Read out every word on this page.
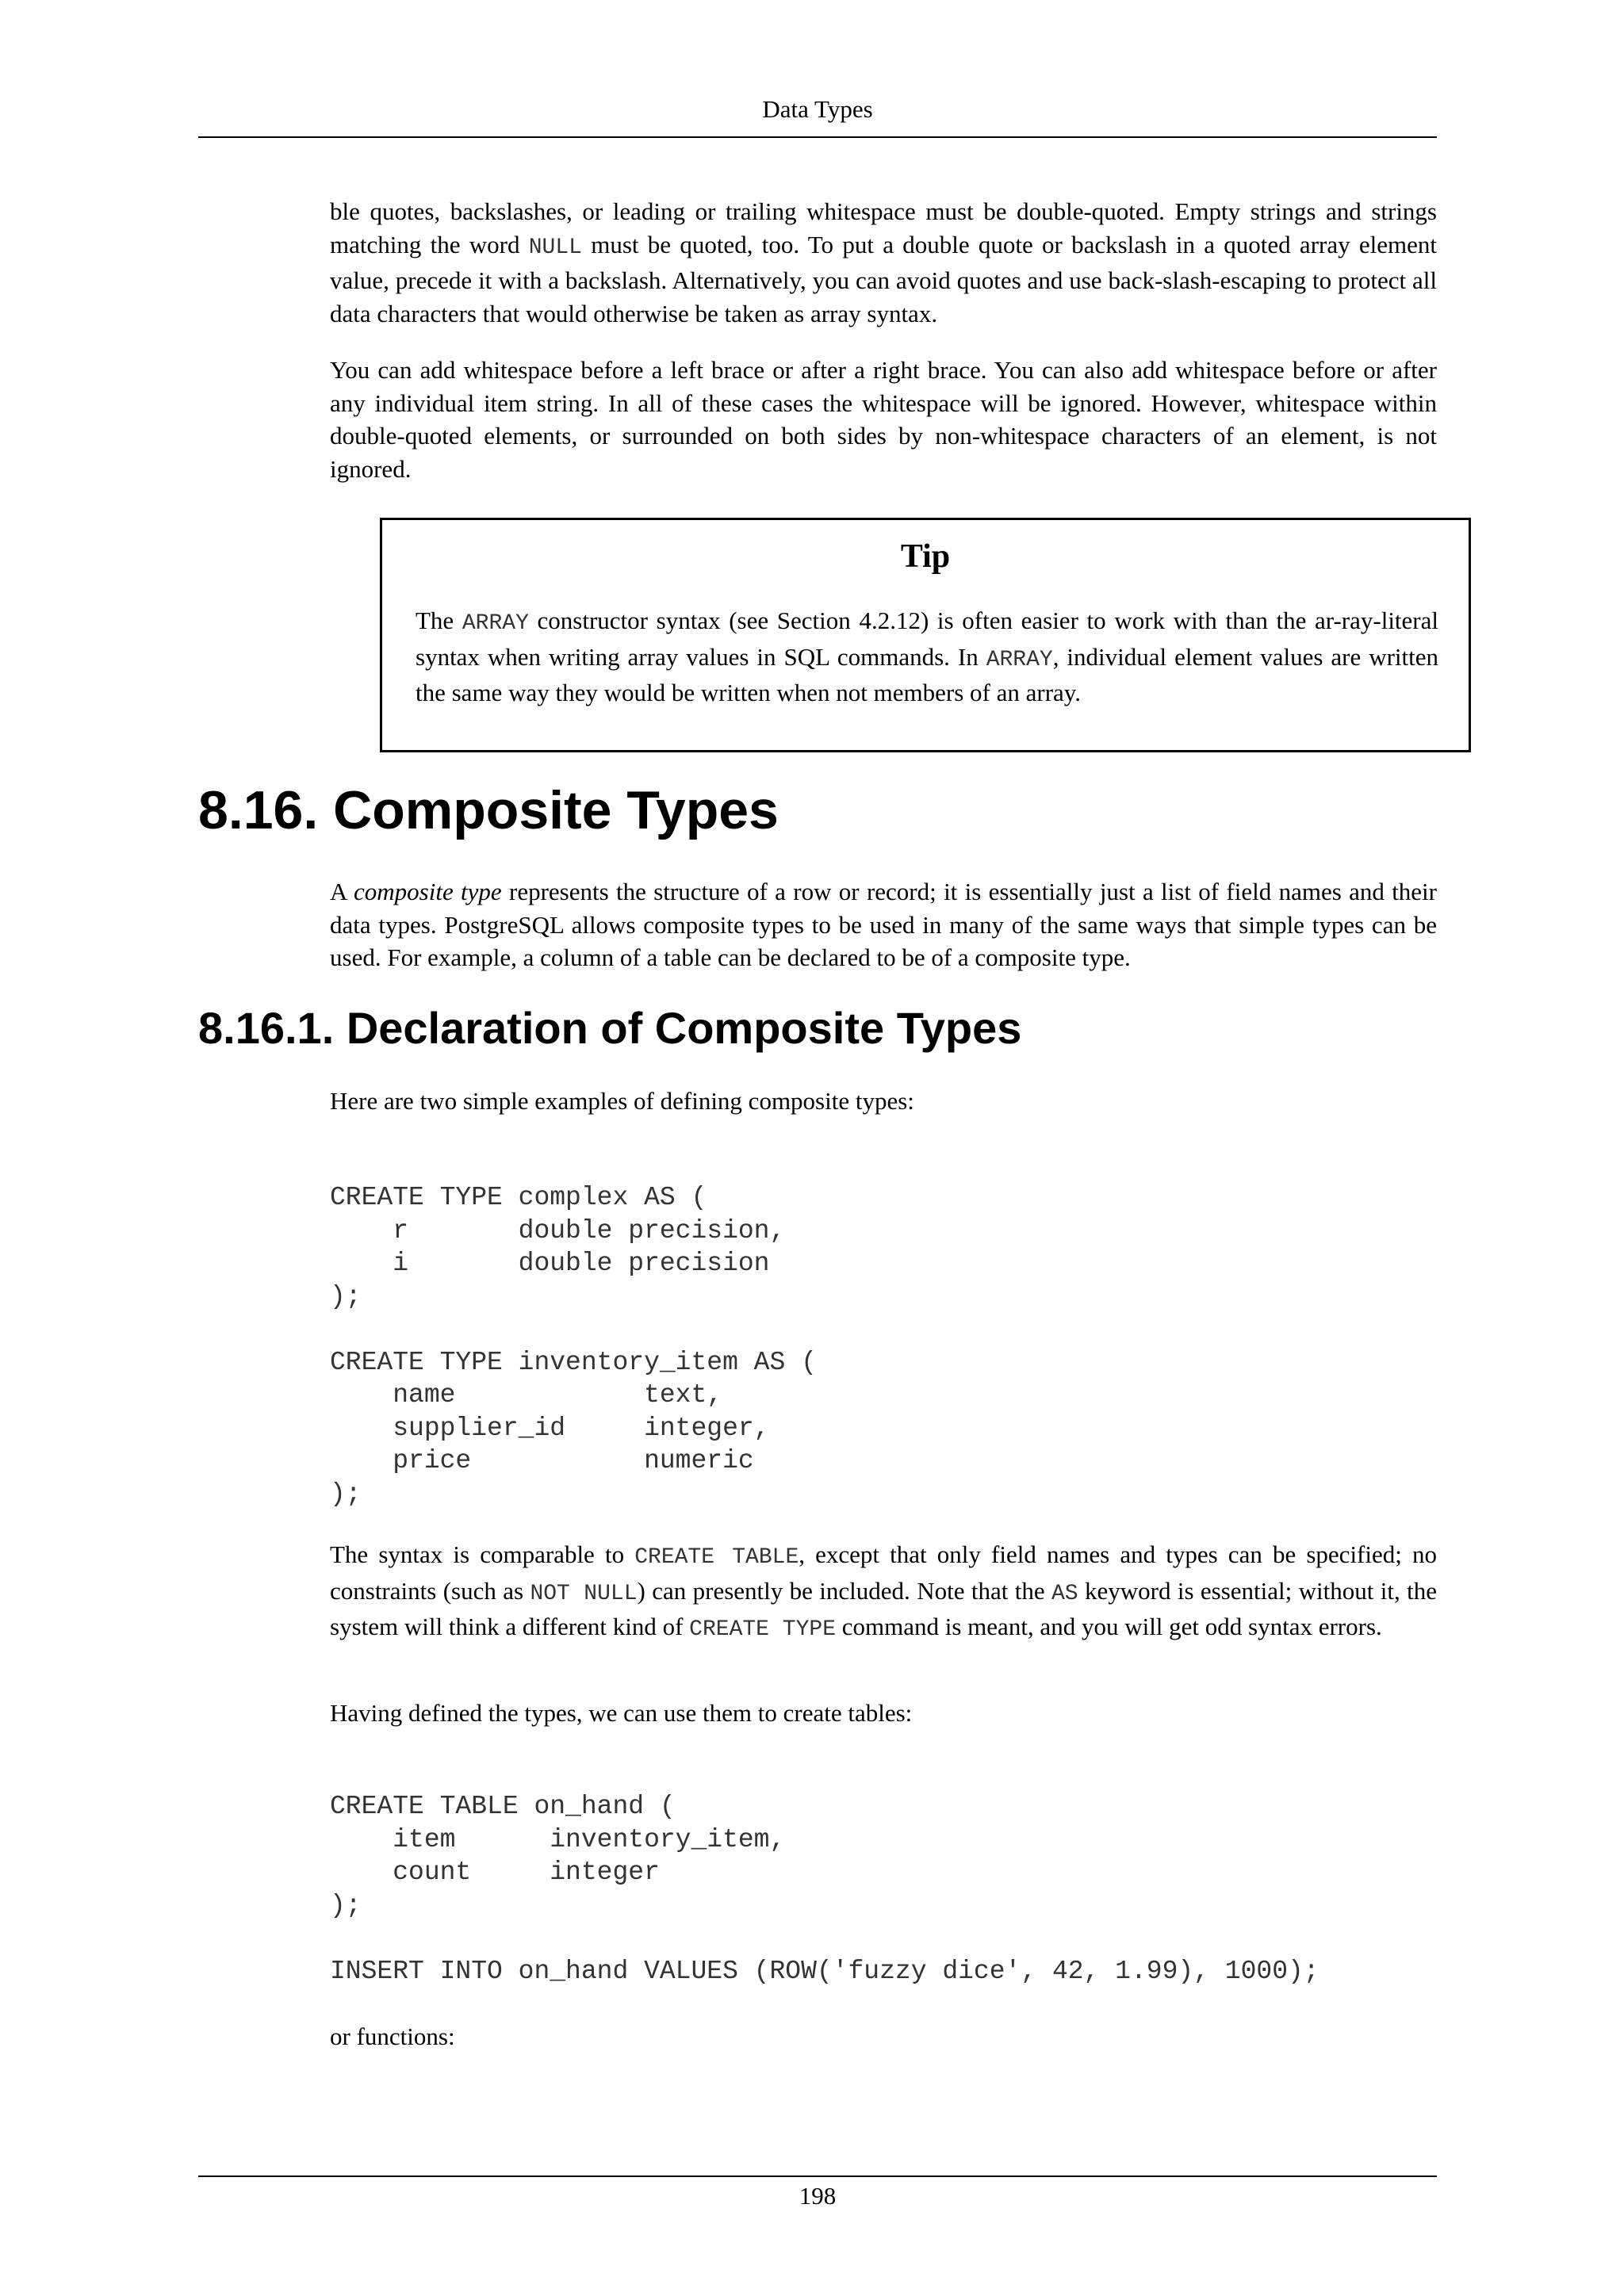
Data Types

ble quotes, backslashes, or leading or trailing whitespace must be double-quoted. Empty strings and strings matching the word NULL must be quoted, too. To put a double quote or backslash in a quoted array element value, precede it with a backslash. Alternatively, you can avoid quotes and use back-slash-escaping to protect all data characters that would otherwise be taken as array syntax.

You can add whitespace before a left brace or after a right brace. You can also add whitespace before or after any individual item string. In all of these cases the whitespace will be ignored. However, whitespace within double-quoted elements, or surrounded on both sides by non-whitespace characters of an element, is not ignored.

Tip

The ARRAY constructor syntax (see Section 4.2.12) is often easier to work with than the ar-ray-literal syntax when writing array values in SQL commands. In ARRAY, individual element values are written the same way they would be written when not members of an array.

8.16. Composite Types

A composite type represents the structure of a row or record; it is essentially just a list of field names and their data types. PostgreSQL allows composite types to be used in many of the same ways that simple types can be used. For example, a column of a table can be declared to be of a composite type.

8.16.1. Declaration of Composite Types

Here are two simple examples of defining composite types:

CREATE TYPE complex AS (
r       double precision,
i       double precision
);

CREATE TYPE inventory_item AS (
name            text,
supplier_id     integer,
price           numeric
);

The syntax is comparable to CREATE TABLE, except that only field names and types can be specified; no constraints (such as NOT NULL) can presently be included. Note that the AS keyword is essential; without it, the system will think a different kind of CREATE TYPE command is meant, and you will get odd syntax errors.

Having defined the types, we can use them to create tables:

CREATE TABLE on_hand (
item      inventory_item,
count     integer
);

INSERT INTO on_hand VALUES (ROW('fuzzy dice', 42, 1.99), 1000);

or functions:

198
